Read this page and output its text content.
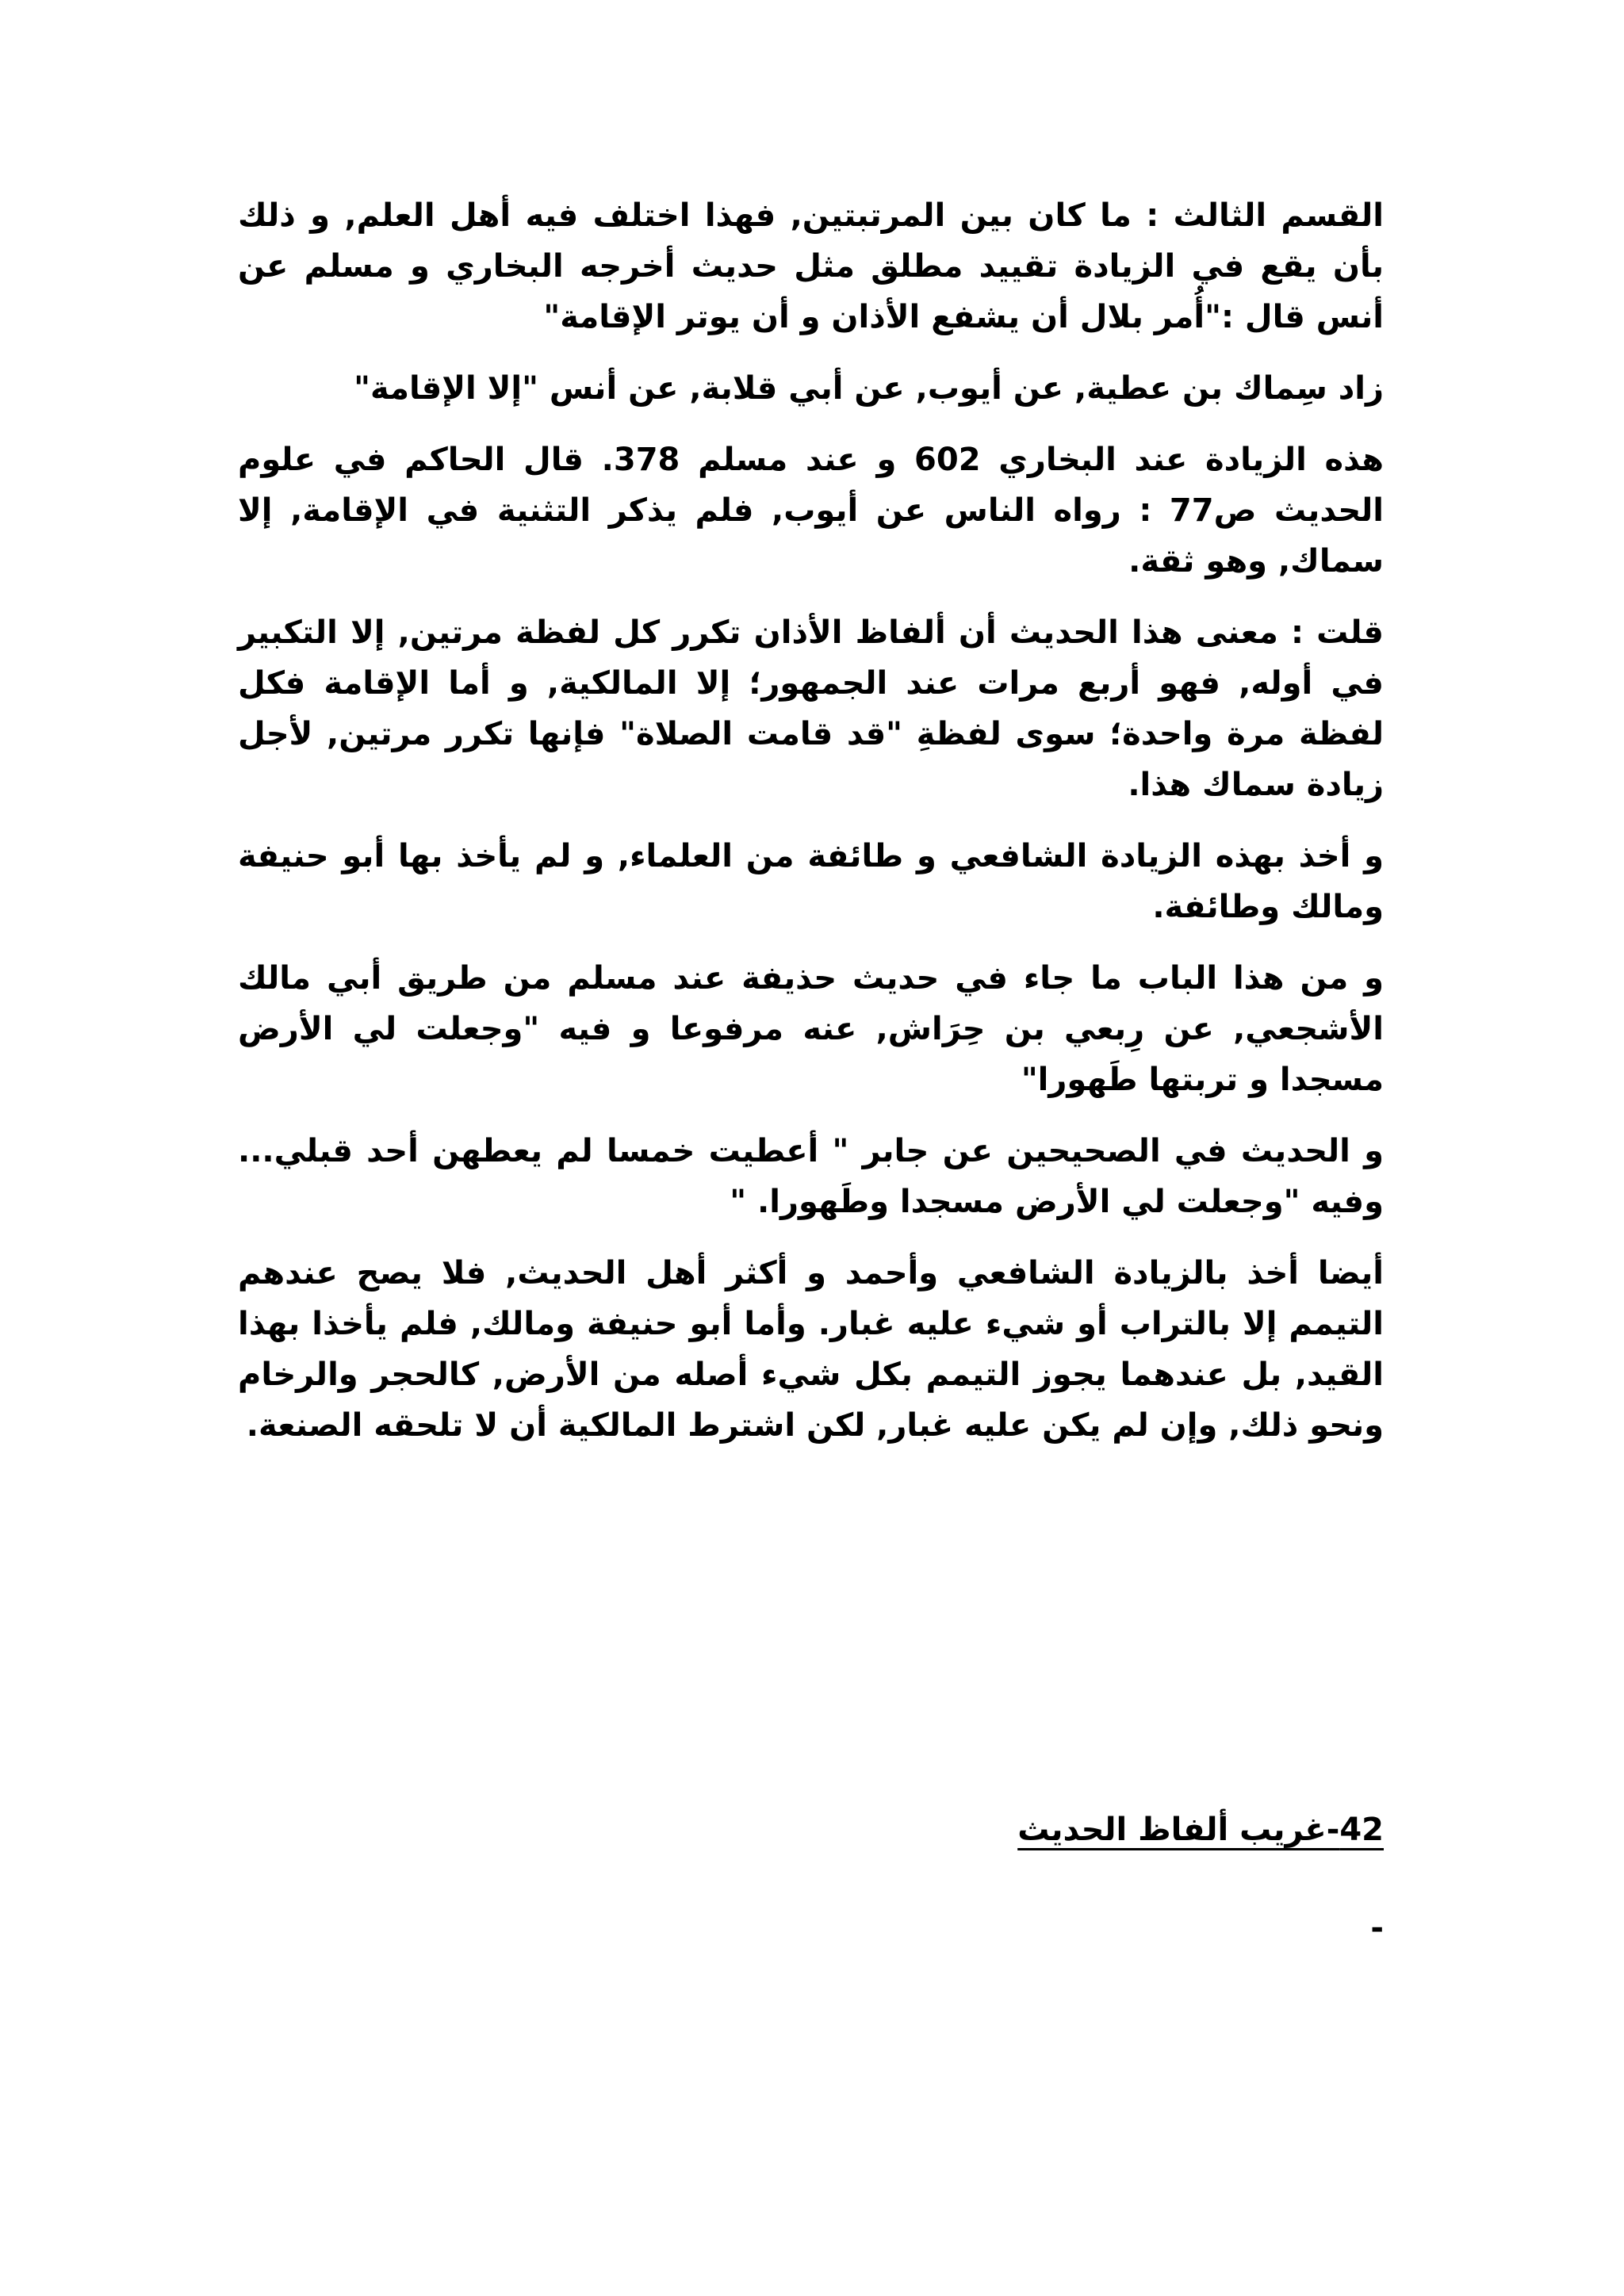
القسم الثالث : ما كان بين المرتبتين, فهذا اختلف فيه أهل العلم, و ذلك بأن يقع في الزيادة تقييد مطلق مثل حديث أخرجه البخاري و مسلم عن أنس قال :"أُمر بلال أن يشفع الأذان و أن يوتر الإقامة"

زاد سِماك بن عطية, عن أيوب, عن أبي قلابة, عن أنس "إلا الإقامة"

هذه الزيادة عند البخاري 602 و عند مسلم 378. قال الحاكم في علوم الحديث ص77 : رواه الناس عن أيوب, فلم يذكر التثنية في الإقامة, إلا سماك, وهو ثقة.

قلت : معنى هذا الحديث أن ألفاظ الأذان تكرر كل لفظة مرتين, إلا التكبير في أوله, فهو أربع مرات عند الجمهور؛ إلا المالكية, و أما الإقامة فكل لفظة مرة واحدة؛ سوى لفظةِ "قد قامت الصلاة" فإنها تكرر مرتين, لأجل زيادة سماك هذا.

و أخذ بهذه الزيادة الشافعي و طائفة من العلماء, و لم يأخذ بها أبو حنيفة ومالك وطائفة.

و من هذا الباب ما جاء في حديث حذيفة عند مسلم من طريق أبي مالك الأشجعي, عن رِبعي بن حِرَاش, عنه مرفوعا و فيه "وجعلت لي الأرض مسجدا و تربتها طَهورا"

و الحديث في الصحيحين عن جابر " أعطيت خمسا لم يعطهن أحد قبلي... وفيه "وجعلت لي الأرض مسجدا وطَهورا. "

أيضا أخذ بالزيادة الشافعي وأحمد و أكثر أهل الحديث, فلا يصح عندهم التيمم إلا بالتراب أو شيء عليه غبار. وأما أبو حنيفة ومالك, فلم يأخذا بهذا القيد, بل عندهما يجوز التيمم بكل شيء أصله من الأرض, كالحجر والرخام ونحو ذلك, وإن لم يكن عليه غبار, لكن اشترط المالكية أن لا تلحقه الصنعة.

42-غريب ألفاظ الحديث
-
